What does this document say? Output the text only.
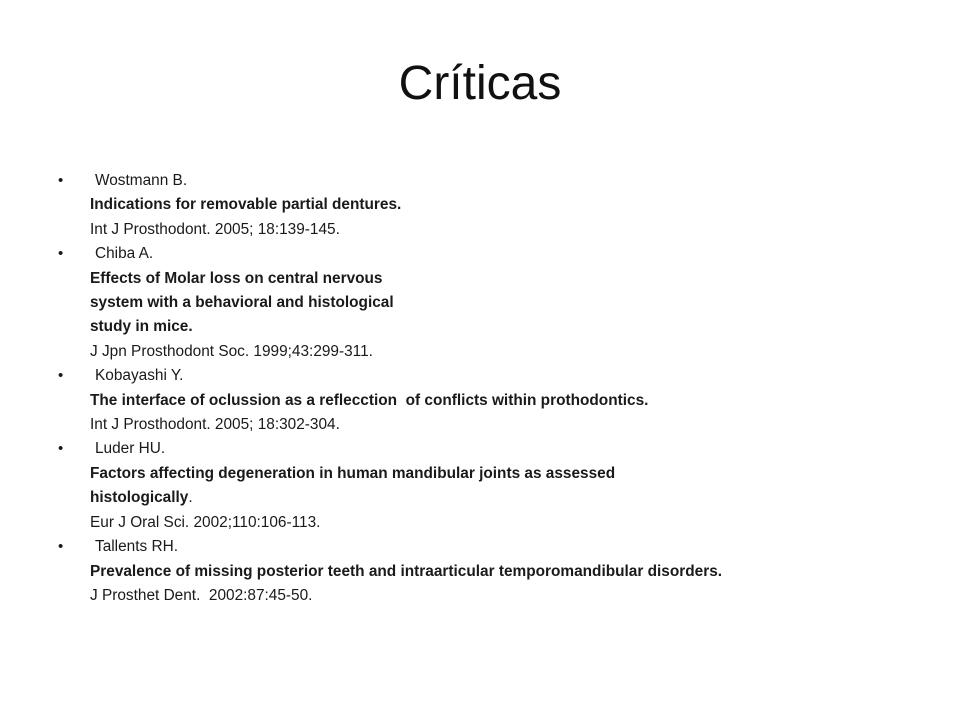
Críticas
•	Wostmann B.
Indications for removable partial dentures.
Int J Prosthodont. 2005; 18:139-145.
•	Chiba A.
Effects of Molar loss on central nervous
system with a behavioral and histological
study in mice.
J Jpn Prosthodont Soc. 1999;43:299-311.
•	Kobayashi Y.
The interface of oclussion as a reflecction  of conflicts within prothodontics.
Int J Prosthodont. 2005; 18:302-304.
•	Luder HU.
Factors affecting degeneration in human mandibular joints as assessed
histologically.
Eur J Oral Sci. 2002;110:106-113.
•	Tallents RH.
Prevalence of missing posterior teeth and intraarticular temporomandibular disorders.
J Prosthet Dent.  2002:87:45-50.
